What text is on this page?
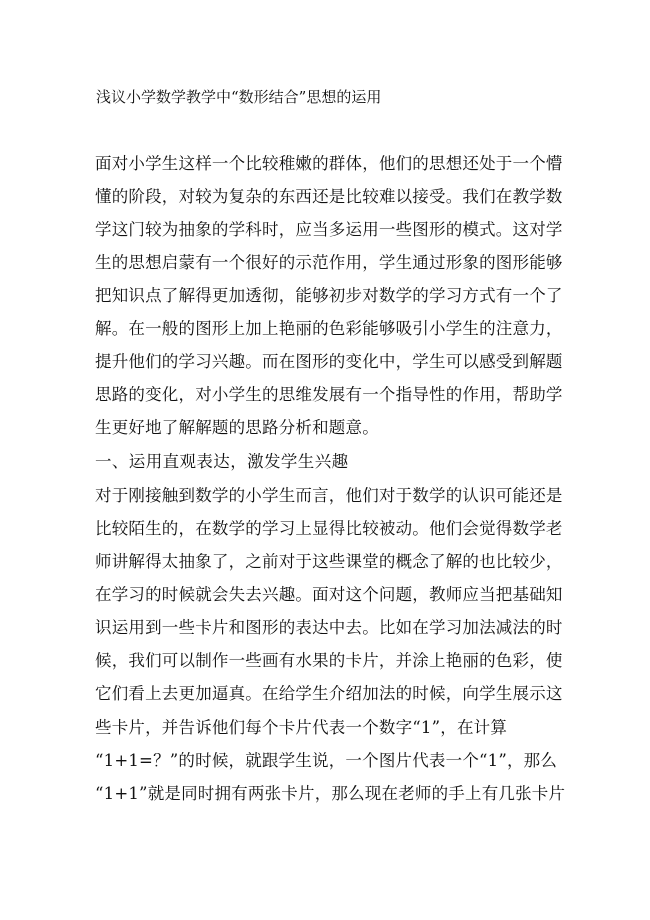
浅议小学数学教学中“数形结合”思想的运用
面对小学生这样一个比较稚嫩的群体，他们的思想还处于一个懵
懂的阶段，对较为复杂的东西还是比较难以接受。我们在教学数
学这门较为抽象的学科时，应当多运用一些图形的模式。这对学
生的思想启蒙有一个很好的示范作用，学生通过形象的图形能够
把知识点了解得更加透彻，能够初步对数学的学习方式有一个了
解。在一般的图形上加上艳丽的色彩能够吸引小学生的注意力，
提升他们的学习兴趣。而在图形的变化中，学生可以感受到解题
思路的变化，对小学生的思维发展有一个指导性的作用，帮助学
生更好地了解解题的思路分析和题意。
一、运用直观表达，激发学生兴趣
对于刚接触到数学的小学生而言，他们对于数学的认识可能还是
比较陌生的，在数学的学习上显得比较被动。他们会觉得数学老
师讲解得太抽象了，之前对于这些课堂的概念了解的也比较少，
在学习的时候就会失去兴趣。面对这个问题，教师应当把基础知
识运用到一些卡片和图形的表达中去。比如在学习加法减法的时
候，我们可以制作一些画有水果的卡片，并涂上艳丽的色彩，使
它们看上去更加逼真。在给学生介绍加法的时候，向学生展示这
些卡片，并告诉他们每个卡片代表一个数字“1”，在计算
“1+1=？”的时候，就跟学生说，一个图片代表一个“1”，那么
“1+1”就是同时拥有两张卡片，那么现在老师的手上有几张卡片
